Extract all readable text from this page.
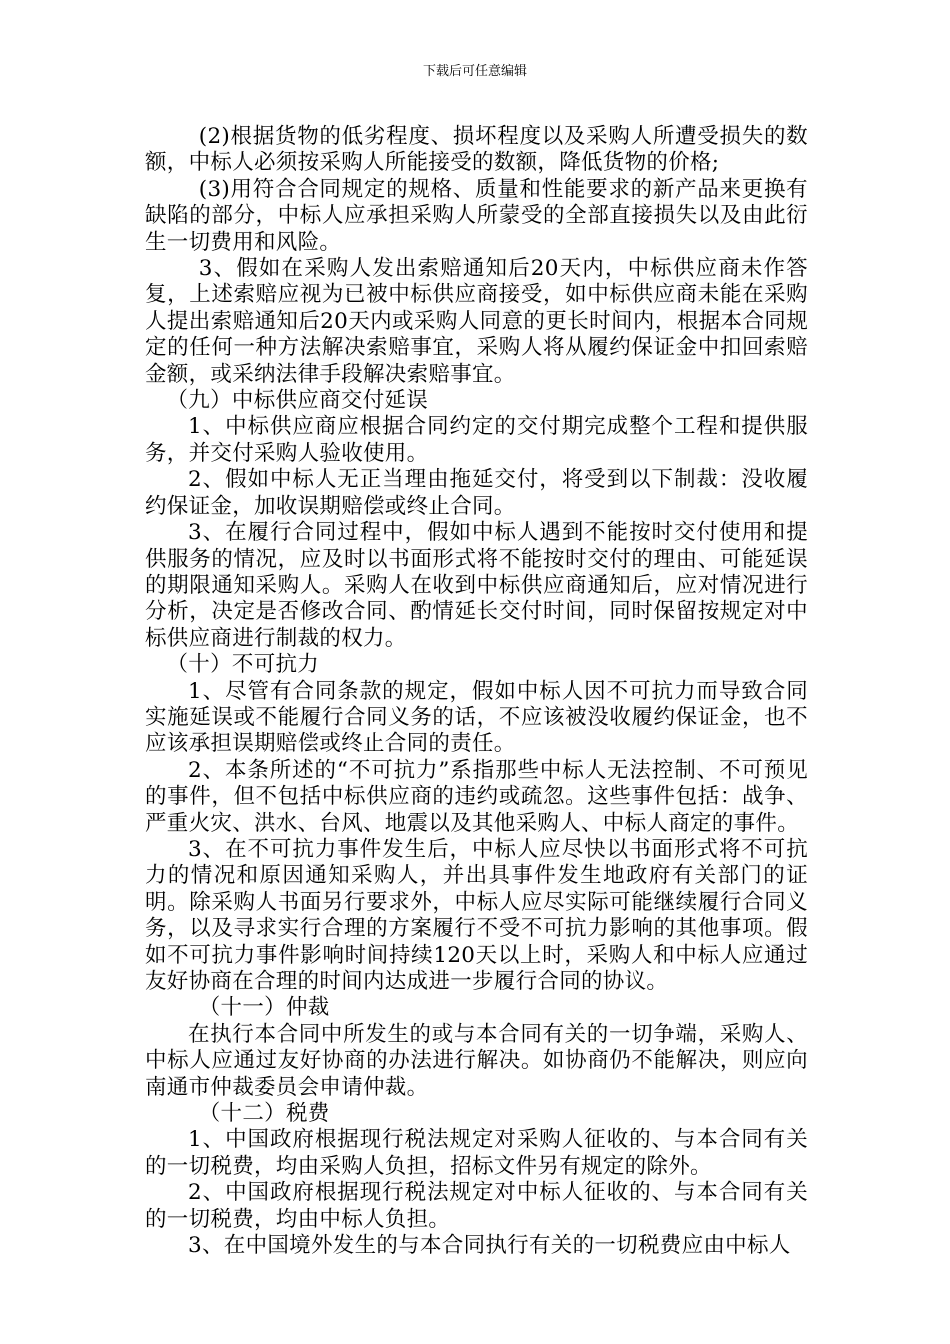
下载后可任意编辑

(2)根据货物的低劣程度、损坏程度以及采购人所遭受损失的数额，中标人必须按采购人所能接受的数额，降低货物的价格;

(3)用符合合同规定的规格、质量和性能要求的新产品来更换有缺陷的部分，中标人应承担采购人所蒙受的全部直接损失以及由此衍生一切费用和风险。

3、假如在采购人发出索赔通知后20天内，中标供应商未作答复，上述索赔应视为已被中标供应商接受，如中标供应商未能在采购人提出索赔通知后20天内或采购人同意的更长时间内，根据本合同规定的任何一种方法解决索赔事宜，采购人将从履约保证金中扣回索赔金额，或采纳法律手段解决索赔事宜。

（九）中标供应商交付延误

1、中标供应商应根据合同约定的交付期完成整个工程和提供服务，并交付采购人验收使用。

2、假如中标人无正当理由拖延交付，将受到以下制裁：没收履约保证金，加收误期赔偿或终止合同。

3、在履行合同过程中，假如中标人遇到不能按时交付使用和提供服务的情况，应及时以书面形式将不能按时交付的理由、可能延误的期限通知采购人。采购人在收到中标供应商通知后，应对情况进行分析，决定是否修改合同、酌情延长交付时间，同时保留按规定对中标供应商进行制裁的权力。

（十）不可抗力

1、尽管有合同条款的规定，假如中标人因不可抗力而导致合同实施延误或不能履行合同义务的话，不应该被没收履约保证金，也不应该承担误期赔偿或终止合同的责任。

2、本条所述的“不可抗力”系指那些中标人无法控制、不可预见的事件，但不包括中标供应商的违约或疏忽。这些事件包括：战争、严重火灾、洪水、台风、地震以及其他采购人、中标人商定的事件。

3、在不可抗力事件发生后，中标人应尽快以书面形式将不可抗力的情况和原因通知采购人，并出具事件发生地政府有关部门的证明。除采购人书面另行要求外，中标人应尽实际可能继续履行合同义务，以及寻求实行合理的方案履行不受不可抗力影响的其他事项。假如不可抗力事件影响时间持续120天以上时，采购人和中标人应通过友好协商在合理的时间内达成进一步履行合同的协议。

（十一）仲裁

在执行本合同中所发生的或与本合同有关的一切争端，采购人、中标人应通过友好协商的办法进行解决。如协商仍不能解决，则应向南通市仲裁委员会申请仲裁。

（十二）税费

1、中国政府根据现行税法规定对采购人征收的、与本合同有关的一切税费，均由采购人负担，招标文件另有规定的除外。

2、中国政府根据现行税法规定对中标人征收的、与本合同有关的一切税费，均由中标人负担。

3、在中国境外发生的与本合同执行有关的一切税费应由中标人
